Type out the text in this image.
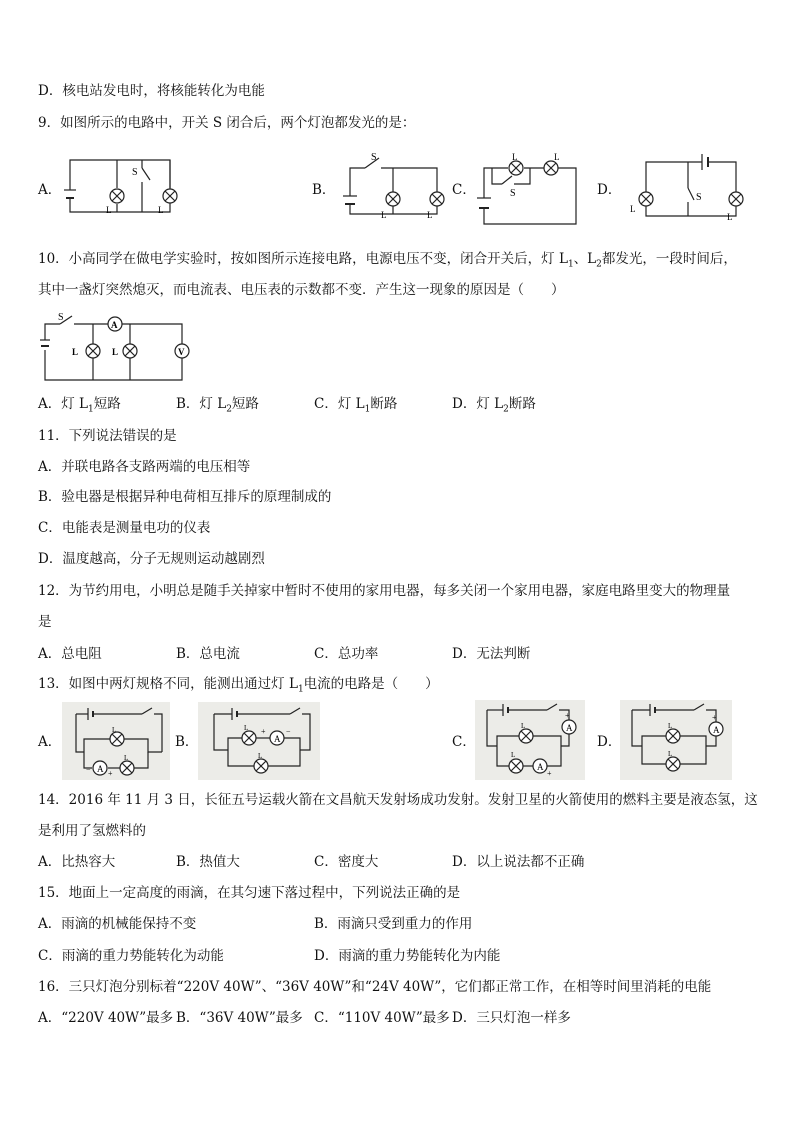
D．核电站发电时，将核能转化为电能
9．如图所示的电路中，开关 S 闭合后，两个灯泡都发光的是：
A．
S
L	L
B．
S
L	L
C．
L	L
S	D．	S
L
L
10．小高同学在做电学实验时，按如图所示连接电路，电源电压不变，闭合开关后，灯 $L_1$、$L_2$都发光，一段时间后，
其中一盏灯突然熄灭，而电流表、电压表的示数都不变．产生这一现象的原因是（　　）
S
A
V
L	L
A．灯 $L_1$短路	B．灯 $L_2$短路	C．灯 $L_1$断路	D．灯 $L_2$断路
11．下列说法错误的是
A．并联电路各支路两端的电压相等
B．验电器是根据异种电荷相互排斥的原理制成的
C．电能表是测量电功的仪表
D．温度越高，分子无规则运动越剧烈
12．为节约用电，小明总是随手关掉家中暂时不使用的家用电器，每多关闭一个家用电器，家庭电路里变大的物理量
是
A．总电阻	B．总电流	C．总功率	D．无法判断
13．如图中两灯规格不同，能测出通过灯 $L_1$电流的电路是（　　）
A．
A
L
L
− +
B．	A
L
L
+	−
C．
A
A
L
L
+
+
D．
A
L
L
+
14．2016 年 11 月 3 日，长征五号运载火箭在文昌航天发射场成功发射。发射卫星的火箭使用的燃料主要是液态氢，这
是利用了氢燃料的
A．比热容大	B．热值大	C．密度大	D．以上说法都不正确
15．地面上一定高度的雨滴，在其匀速下落过程中，下列说法正确的是
A．雨滴的机械能保持不变	B．雨滴只受到重力的作用
C．雨滴的重力势能转化为动能	D．雨滴的重力势能转化为内能
16．三只灯泡分别标着“220V 40W”、“36V 40W”和“24V 40W”，它们都正常工作，在相等时间里消耗的电能
A．“220V 40W”最多 B．“36V 40W”最多 C．“110V 40W”最多 D．三只灯泡一样多
